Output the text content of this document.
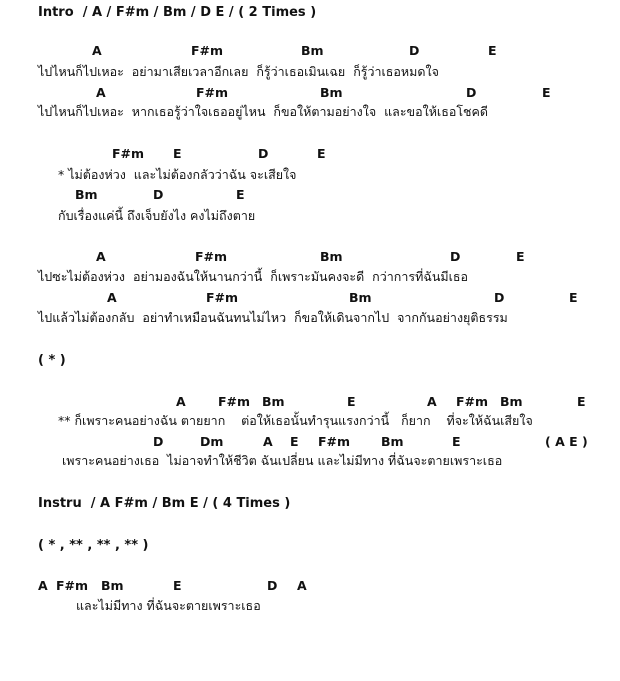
Intro  / A / F#m / Bm / D E / ( 2 Times )

A

	F#m

	Bm

	D

	E

ไปไหนก็ไปเหอะ  อย่ามาเสียเวลาอีกเลย  ก็รู้ว่าเธอเมินเฉย  ก็รู้ว่าเธอหมดใจ

A

	F#m

	Bm

	D

	E

ไปไหนก็ไปเหอะ  หากเธอรู้ว่าใจเธออยู่ไหน  ก็ขอให้ตามอย่างใจ  และขอให้เธอโชคดี

F#m

E

	D

	E

* ไม่ต้องห่วง  และไม่ต้องกลัวว่าฉัน จะเสียใจ

Bm

	D

	E

กับเรื่องแค่นี้ ถึงเจ็บยังไง คงไม่ถึงตาย

A

	F#m

	Bm

	D

	E

ไปซะไม่ต้องห่วง  อย่ามองฉันให้นานกว่านี้  ก็เพราะมันคงจะดี  กว่าการที่ฉันมีเธอ

A

	F#m

	Bm

	D

	E

ไปแล้วไม่ต้องกลับ  อย่าทำเหมือนฉันทนไม่ไหว  ก็ขอให้เดินจากไป  จากกันอย่างยุติธรรม
( * )

A

	F#m

Bm

	E

	A

F#m

Bm

	E

** ก็เพราะคนอย่างฉัน ตายยาก    ต่อให้เธอนั้นทำรุนแรงกว่านี้   ก็ยาก    ที่จะให้ฉันเสียใจ

D

	Dm

	A

E

F#m

Bm

	E

	( A E )

เพราะคนอย่างเธอ  ไม่อาจทำให้ชีวิต ฉันเปลี่ยน และไม่มีทาง ที่ฉันจะตายเพราะเธอ
Instru  / A F#m / Bm E / ( 4 Times )
( * , ** , ** , ** )

A

F#m

Bm

	E

	D

A

และไม่มีทาง ที่ฉันจะตายเพราะเธอ
